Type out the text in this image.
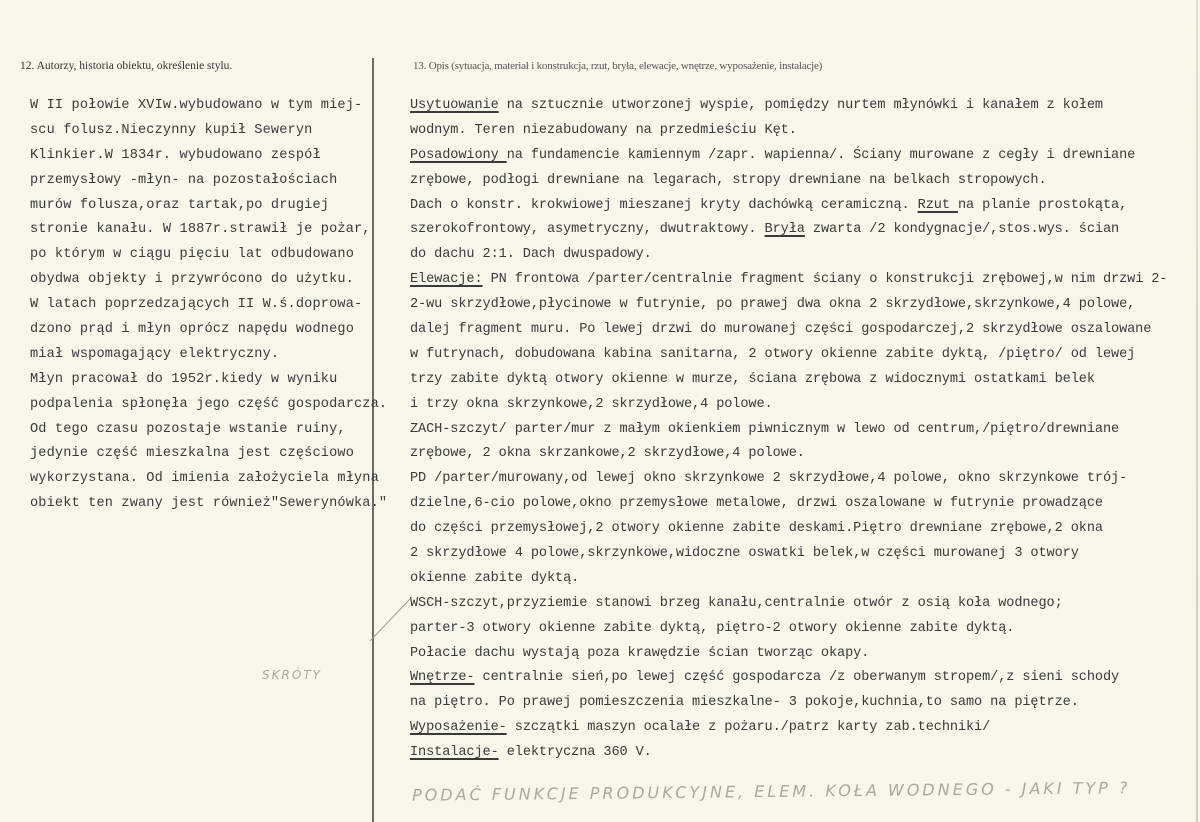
12. Autorzy, historia obiektu, określenie stylu.	13. Opis (sytuacja, materiał i konstrukcja, rzut, bryła, elewacje, wnętrze, wyposażenie, instalacje)
W II połowie XVIw.wybudowano w tym miej-
scu folusz.Nieczynny kupił Seweryn
Klinkier.W 1834r. wybudowano zespół
przemysłowy -młyn- na pozostałościach
murów folusza,oraz tartak,po drugiej
stronie kanału. W 1887r.strawił je pożar,
po którym w ciągu pięciu lat odbudowano
obydwa objekty i przywrócono do użytku.
W latach poprzedzających II W.ś.doprowa-
dzono prąd i młyn oprócz napędu wodnego
miał wspomagający elektryczny.
Młyn pracował do 1952r.kiedy w wyniku
podpalenia spłonęła jego część gospodarcza.
Od tego czasu pozostaje wstanie ruiny,
jedynie część mieszkalna jest częściowo
wykorzystana. Od imienia założyciela młyna
obiekt ten zwany jest również"Sewerynówka."
Usytuowanie na sztucznie utworzonej wyspie, pomiędzy nurtem młynówki i kanałem z kołem
wodnym. Teren niezabudowany na przedmieściu Kęt.
Posadowiony na fundamencie kamiennym /zapr. wapienna/. Ściany murowane z cegły i drewniane
zrębowe, podłogi drewniane na legarach, stropy drewniane na belkach stropowych.
Dach o konstr. krokwiowej mieszanej kryty dachówką ceramiczną. Rzut na planie prostokąta,
szerokofrontowy, asymetryczny, dwutraktowy. Bryła zwarta /2 kondygnacje/,stos.wys. ścian
do dachu 2:1. Dach dwuspadowy.
Elewacje: PN frontowa /parter/centralnie fragment ściany o konstrukcji zrębowej,w nim drzwi 2-
2-wu skrzydłowe,płycinowe w futrynie, po prawej dwa okna 2 skrzydłowe,skrzynkowe,4 polowe,
dalej fragment muru. Po lewej drzwi do murowanej części gospodarczej,2 skrzydłowe oszalowane
w futrynach, dobudowana kabina sanitarna, 2 otwory okienne zabite dyktą, /piętro/ od lewej
trzy zabite dyktą otwory okienne w murze, ściana zrębowa z widocznymi ostatkami belek
i trzy okna skrzynkowe,2 skrzydłowe,4 polowe.
ZACH-szczyt/ parter/mur z małym okienkiem piwnicznym w lewo od centrum,/piętro/drewniane
zrębowe, 2 okna skrzankowe,2 skrzydłowe,4 polowe.
PD /parter/murowany,od lewej okno skrzynkowe 2 skrzydłowe,4 polowe, okno skrzynkowe trój-
dzielne,6-cio polowe,okno przemysłowe metalowe, drzwi oszalowane w futrynie prowadzące
do części przemysłowej,2 otwory okienne zabite deskami.Piętro drewniane zrębowe,2 okna
2 skrzydłowe 4 polowe,skrzynkowe,widoczne oswatki belek,w części murowanej 3 otwory
okienne zabite dyktą.
WSCH-szczyt,przyziemie stanowi brzeg kanału,centralnie otwór z osią koła wodnego;
parter-3 otwory okienne zabite dyktą, piętro-2 otwory okienne zabite dyktą.
Połacie dachu wystają poza krawędzie ścian tworząc okapy.
Wnętrze- centralnie sień,po lewej część gospodarcza /z oberwanym stropem/,z sieni schody
na piętro. Po prawej pomieszczenia mieszkalne- 3 pokoje,kuchnia,to samo na piętrze.
Wyposażenie- szczątki maszyn ocalałe z pożaru./patrz karty zab.techniki/
Instalacje- elektryczna 360 V.
SKRÓTY
PODAĆ FUNKCJE PRODUKCYJNE, ELEM. KOŁA WODNEGO - JAKI TYP ?
